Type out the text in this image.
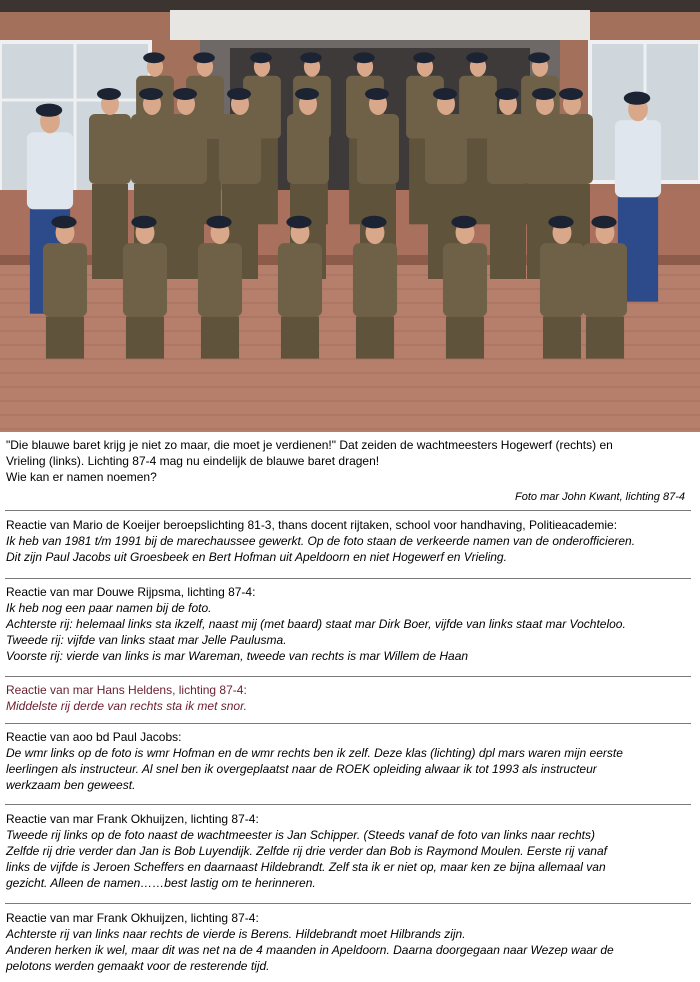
"Die blauwe baret krijg je niet zo maar, die moet je verdienen!" Dat zeiden de wachtmeesters Hogewerf (rechts) en
Vrieling (links). Lichting 87-4 mag nu eindelijk de blauwe baret dragen!
Wie kan er namen noemen?
Foto mar John Kwant, lichting 87-4
Reactie van Mario de Koeijer beroepslichting 81-3, thans docent rijtaken, school voor handhaving, Politieacademie:
Ik heb van 1981 t/m 1991 bij de marechaussee gewerkt. Op de foto staan de verkeerde namen van de onderofficieren.
Dit zijn Paul Jacobs uit Groesbeek en Bert Hofman uit Apeldoorn en niet Hogewerf en Vrieling.
Reactie van mar Douwe Rijpsma, lichting 87-4:
Ik heb nog een paar namen bij de foto.
Achterste rij: helemaal links sta ikzelf, naast mij (met baard) staat mar Dirk Boer, vijfde van links staat mar Vochteloo.
Tweede rij: vijfde van links staat mar Jelle Paulusma.
Voorste rij: vierde van links is mar Wareman, tweede van rechts is mar Willem de Haan
Reactie van mar Hans Heldens, lichting 87-4:
Middelste rij derde van rechts sta ik met snor.
Reactie van aoo bd Paul Jacobs:
De wmr links op de foto is wmr Hofman en de wmr rechts ben ik zelf. Deze klas (lichting) dpl mars waren mijn eerste
leerlingen als instructeur. Al snel ben ik overgeplaatst naar de ROEK opleiding alwaar ik tot 1993 als instructeur
werkzaam ben geweest.
Reactie van mar Frank Okhuijzen, lichting 87-4:
Tweede rij links op de foto naast de wachtmeester is Jan Schipper. (Steeds vanaf de foto van links naar rechts)
Zelfde rij drie verder dan Jan is Bob Luyendijk. Zelfde rij drie verder dan Bob is Raymond Moulen. Eerste rij vanaf
links de vijfde is Jeroen Scheffers en daarnaast Hildebrandt. Zelf sta ik er niet op, maar ken ze bijna allemaal van
gezicht. Alleen de namen……best lastig om te herinneren.
Reactie van mar Frank Okhuijzen, lichting 87-4:
Achterste rij van links naar rechts de vierde is Berens. Hildebrandt moet Hilbrands zijn.
Anderen herken ik wel, maar dit was net na de 4 maanden in Apeldoorn. Daarna doorgegaan naar Wezep waar de
pelotons werden gemaakt voor de resterende tijd.
